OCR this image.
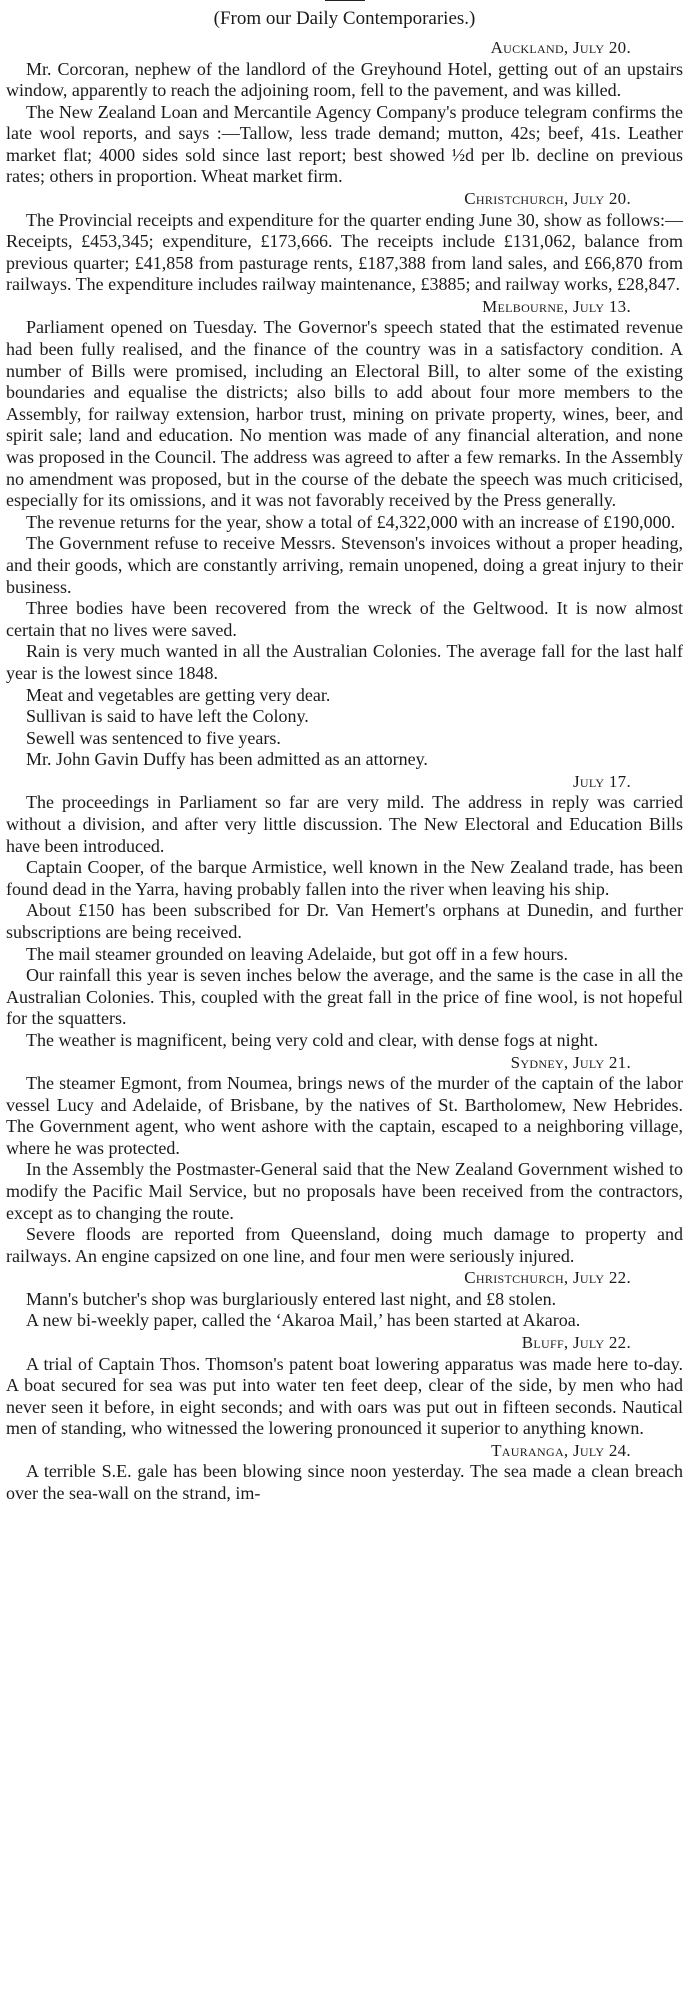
(From our Daily Contemporaries.)
Auckland, July 20.

Mr. Corcoran, nephew of the landlord of the Greyhound Hotel, getting out of an upstairs window, apparently to reach the adjoining room, fell to the pavement, and was killed.

The New Zealand Loan and Mercantile Agency Company's produce telegram confirms the late wool reports, and says :—Tallow, less trade demand; mutton, 42s; beef, 41s. Leather market flat; 4000 sides sold since last report; best showed ½d per lb. decline on previous rates; others in proportion. Wheat market firm.

Christchurch, July 20.

The Provincial receipts and expenditure for the quarter ending June 30, show as follows:—Receipts, £453,345; expenditure, £173,666. The receipts include £131,062, balance from previous quarter; £41,858 from pasturage rents, £187,388 from land sales, and £66,870 from railways. The expenditure includes railway maintenance, £3885; and railway works, £28,847.

Melbourne, July 13.

Parliament opened on Tuesday. The Governor's speech stated that the estimated revenue had been fully realised, and the finance of the country was in a satisfactory condition. A number of Bills were promised, including an Electoral Bill, to alter some of the existing boundaries and equalise the districts; also bills to add about four more members to the Assembly, for railway extension, harbor trust, mining on private property, wines, beer, and spirit sale; land and education. No mention was made of any financial alteration, and none was proposed in the Council. The address was agreed to after a few remarks. In the Assembly no amendment was proposed, but in the course of the debate the speech was much criticised, especially for its omissions, and it was not favorably received by the Press generally.

The revenue returns for the year, show a total of £4,322,000 with an increase of £190,000.

The Government refuse to receive Messrs. Stevenson's invoices without a proper heading, and their goods, which are constantly arriving, remain unopened, doing a great injury to their business.

Three bodies have been recovered from the wreck of the Geltwood. It is now almost certain that no lives were saved.

Rain is very much wanted in all the Australian Colonies. The average fall for the last half year is the lowest since 1848.

Meat and vegetables are getting very dear.

Sullivan is said to have left the Colony.

Sewell was sentenced to five years.

Mr. John Gavin Duffy has been admitted as an attorney.

July 17.

The proceedings in Parliament so far are very mild. The address in reply was carried without a division, and after very little discussion. The New Electoral and Education Bills have been introduced.

Captain Cooper, of the barque Armistice, well known in the New Zealand trade, has been found dead in the Yarra, having probably fallen into the river when leaving his ship.

About £150 has been subscribed for Dr. Van Hemert's orphans at Dunedin, and further subscriptions are being received.

The mail steamer grounded on leaving Adelaide, but got off in a few hours.

Our rainfall this year is seven inches below the average, and the same is the case in all the Australian Colonies. This, coupled with the great fall in the price of fine wool, is not hopeful for the squatters.

The weather is magnificent, being very cold and clear, with dense fogs at night.

Sydney, July 21.

The steamer Egmont, from Noumea, brings news of the murder of the captain of the labor vessel Lucy and Adelaide, of Brisbane, by the natives of St. Bartholomew, New Hebrides. The Government agent, who went ashore with the captain, escaped to a neighboring village, where he was protected.

In the Assembly the Postmaster-General said that the New Zealand Government wished to modify the Pacific Mail Service, but no proposals have been received from the contractors, except as to changing the route.

Severe floods are reported from Queensland, doing much damage to property and railways. An engine capsized on one line, and four men were seriously injured.

Christchurch, July 22.

Mann's butcher's shop was burglariously entered last night, and £8 stolen.

A new bi-weekly paper, called the ‘Akaroa Mail,’ has been started at Akaroa.

Bluff, July 22.

A trial of Captain Thos. Thomson's patent boat lowering apparatus was made here to-day. A boat secured for sea was put into water ten feet deep, clear of the side, by men who had never seen it before, in eight seconds; and with oars was put out in fifteen seconds. Nautical men of standing, who witnessed the lowering pronounced it superior to anything known.

Tauranga, July 24.

A terrible S.E. gale has been blowing since noon yesterday. The sea made a clean breach over the sea-wall on the strand, im-
